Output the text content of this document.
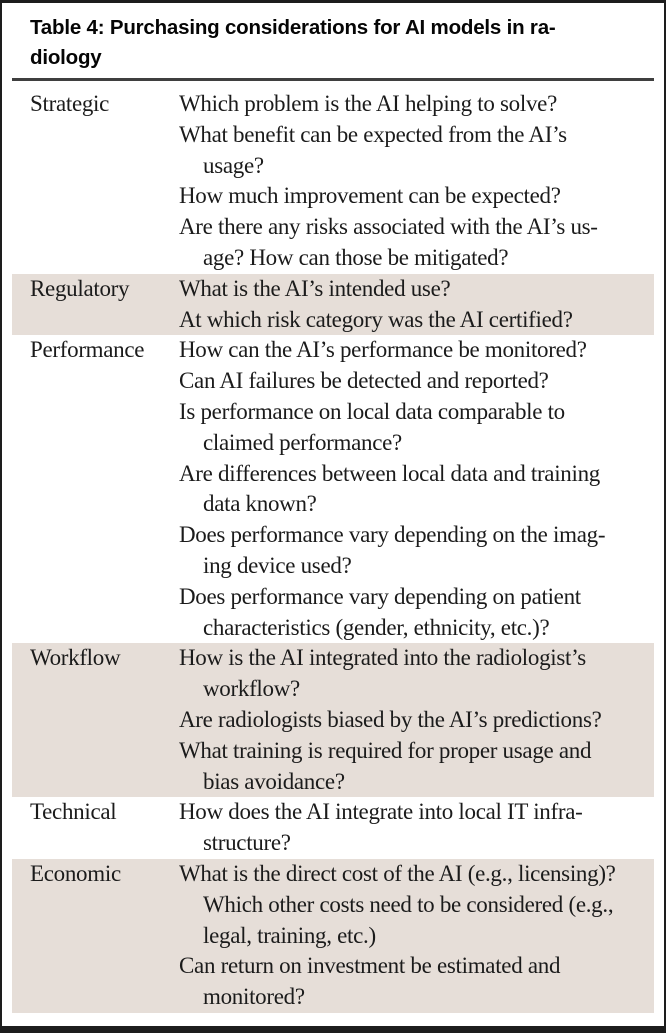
Table 4: Purchasing considerations for AI models in ra-
diology
Strategic	Which problem is the AI helping to solve?
What benefit can be expected from the AI’s
usage?
How much improvement can be expected?
Are there any risks associated with the AI’s us-
age? How can those be mitigated?
Regulatory	What is the AI’s intended use?
At which risk category was the AI certified?
Performance	How can the AI’s performance be monitored?
Can AI failures be detected and reported?
Is performance on local data comparable to
claimed performance?
Are differences between local data and training
data known?
Does performance vary depending on the imag-
ing device used?
Does performance vary depending on patient
characteristics (gender, ethnicity, etc.)?
Workflow	How is the AI integrated into the radiologist’s
workflow?
Are radiologists biased by the AI’s predictions?
What training is required for proper usage and
bias avoidance?
Technical	How does the AI integrate into local IT infra-
structure?
Economic	What is the direct cost of the AI (e.g., licensing)?
Which other costs need to be considered (e.g.,
legal, training, etc.)
Can return on investment be estimated and
monitored?
